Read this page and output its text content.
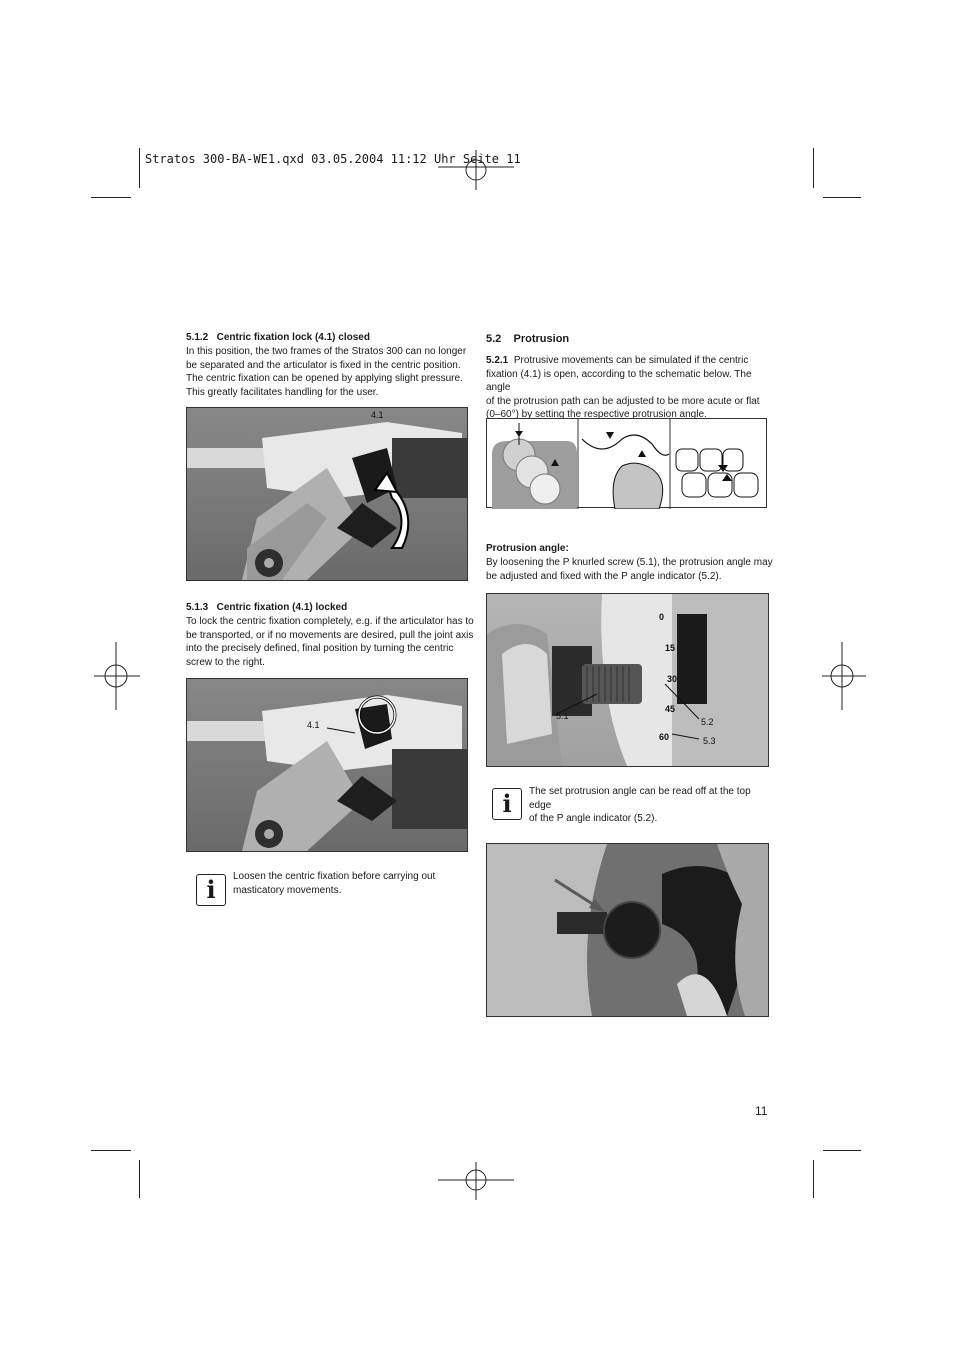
Stratos 300-BA-WE1.qxd 03.05.2004 11:12 Uhr Seite 11
5.1.2 Centric fixation lock (4.1) closed
In this position, the two frames of the Stratos 300 can no longer
be separated and the articulator is fixed in the centric position.
The centric fixation can be opened by applying slight pressure.
This greatly facilitates handling for the user.
4.1
5.1.3 Centric fixation (4.1) locked
To lock the centric fixation completely, e.g. if the articulator has to
be transported, or if no movements are desired, pull the joint axis
into the precisely defined, final position by turning the centric
screw to the right.
4.1
i Loosen the centric fixation before carrying out
masticatory movements.
5.2 Protrusion
5.2.1 Protrusive movements can be simulated if the centric
fixation (4.1) is open, according to the schematic below. The angle
of the protrusion path can be adjusted to be more acute or flat
(0–60°) by setting the respective protrusion angle.
Protrusion angle:
By loosening the P knurled screw (5.1), the protrusion angle may
be adjusted and fixed with the P angle indicator (5.2).
0
15
30
45
60
5.1
5.2
5.3
i The set protrusion angle can be read off at the top edge
of the P angle indicator (5.2).
11
